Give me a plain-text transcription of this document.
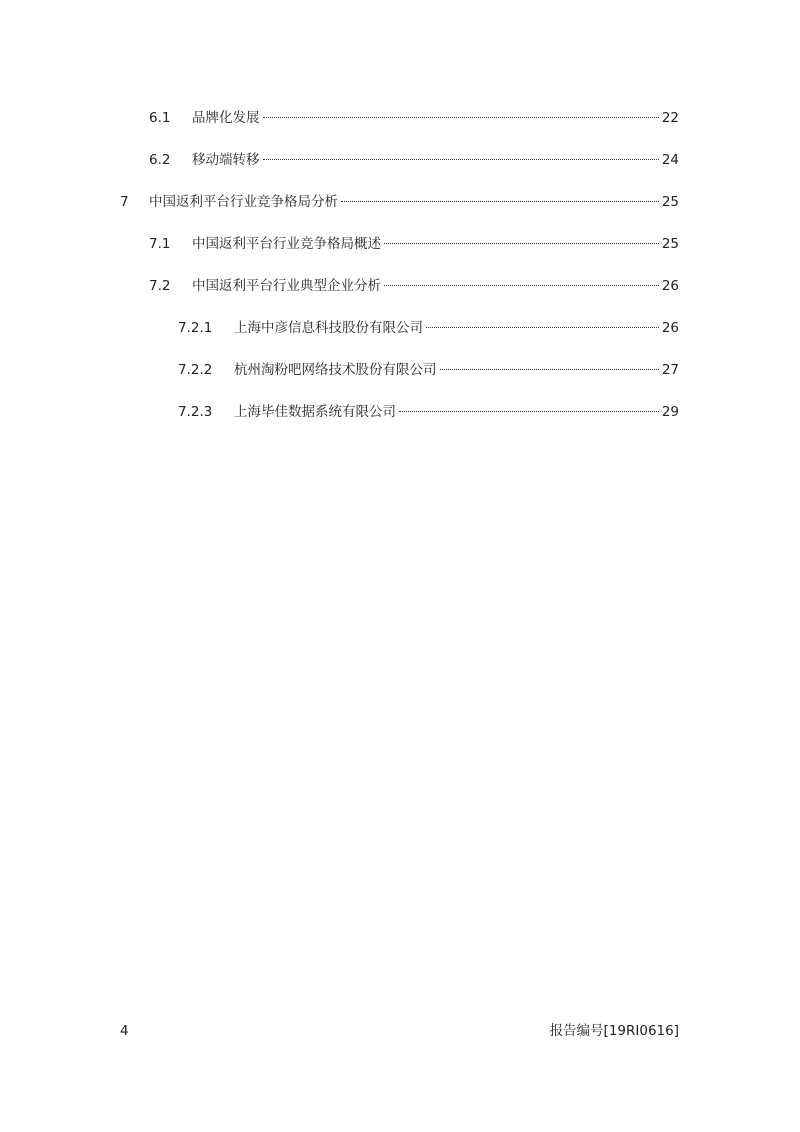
6.1 品牌化发展	22
6.2 移动端转移	24
7 中国返利平台行业竞争格局分析	25
7.1 中国返利平台行业竞争格局概述	25
7.2 中国返利平台行业典型企业分析	26
7.2.1 上海中彦信息科技股份有限公司	26
7.2.2 杭州淘粉吧网络技术股份有限公司	27
7.2.3 上海毕佳数据系统有限公司	29
4	报告编号[19RI0616]
